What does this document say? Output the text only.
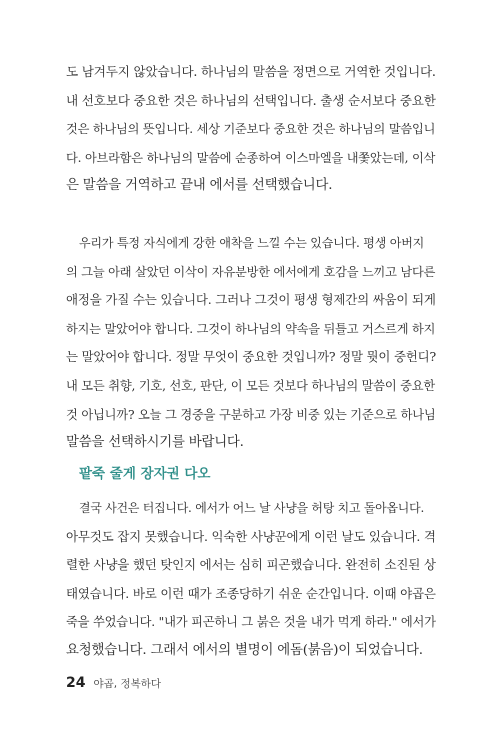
도 남겨두지 않았습니다. 하나님의 말씀을 정면으로 거역한 것입니다.
내 선호보다 중요한 것은 하나님의 선택입니다. 출생 순서보다 중요한
것은 하나님의 뜻입니다. 세상 기준보다 중요한 것은 하나님의 말씀입니
다. 아브라함은 하나님의 말씀에 순종하여 이스마엘을 내쫓았는데, 이삭
은 말씀을 거역하고 끝내 에서를 선택했습니다.
우리가 특정 자식에게 강한 애착을 느낄 수는 있습니다. 평생 아버지
의 그늘 아래 살았던 이삭이 자유분방한 에서에게 호감을 느끼고 남다른
애정을 가질 수는 있습니다. 그러나 그것이 평생 형제간의 싸움이 되게
하지는 말았어야 합니다. 그것이 하나님의 약속을 뒤틀고 거스르게 하지
는 말았어야 합니다. 정말 무엇이 중요한 것입니까? 정말 뭣이 중헌디?
내 모든 취향, 기호, 선호, 판단, 이 모든 것보다 하나님의 말씀이 중요한
것 아닙니까? 오늘 그 경중을 구분하고 가장 비중 있는 기준으로 하나님
말씀을 선택하시기를 바랍니다.
팥죽 줄게 장자권 다오
결국 사건은 터집니다. 에서가 어느 날 사냥을 허탕 치고 돌아옵니다.
아무것도 잡지 못했습니다. 익숙한 사냥꾼에게 이런 날도 있습니다. 격
렬한 사냥을 했던 탓인지 에서는 심히 피곤했습니다. 완전히 소진된 상
태였습니다. 바로 이런 때가 조종당하기 쉬운 순간입니다. 이때 야곱은
죽을 쑤었습니다. "내가 피곤하니 그 붉은 것을 내가 먹게 하라." 에서가
요청했습니다. 그래서 에서의 별명이 에돔(붉음)이 되었습니다.
24 야곱, 정복하다
